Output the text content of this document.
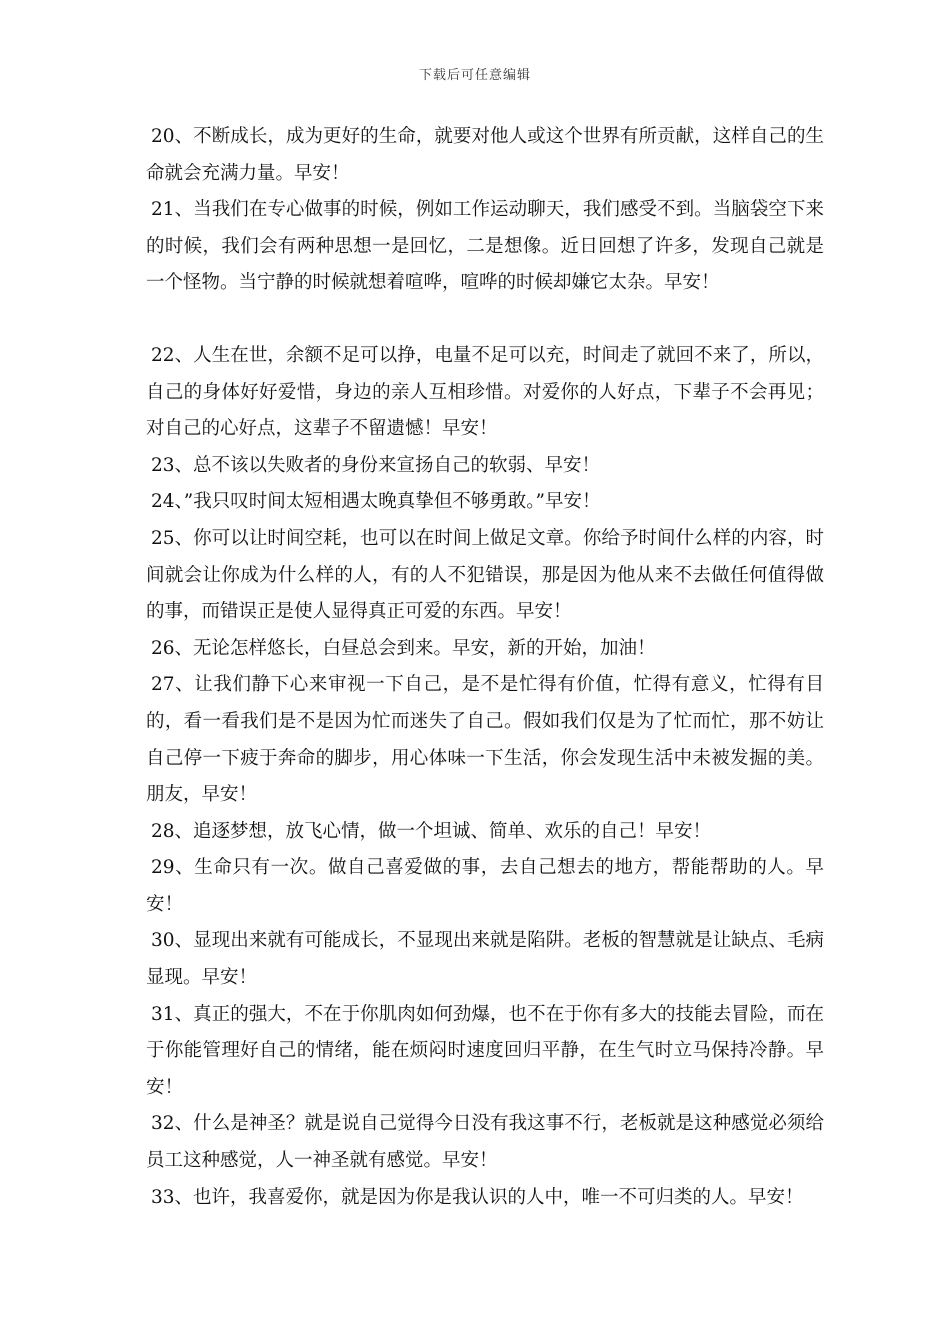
下载后可任意编辑

20、不断成长，成为更好的生命，就要对他人或这个世界有所贡献，这样自己的生命就会充满力量。早安！

21、当我们在专心做事的时候，例如工作运动聊天，我们感受不到。当脑袋空下来的时候，我们会有两种思想一是回忆，二是想像。近日回想了许多，发现自己就是一个怪物。当宁静的时候就想着喧哗，喧哗的时候却嫌它太杂。早安！

22、人生在世，余额不足可以挣，电量不足可以充，时间走了就回不来了，所以，自己的身体好好爱惜，身边的亲人互相珍惜。对爱你的人好点，下辈子不会再见；对自己的心好点，这辈子不留遗憾！早安！

23、总不该以失败者的身份来宣扬自己的软弱、早安！

24、”我只叹时间太短相遇太晚真挚但不够勇敢。”早安！

25、你可以让时间空耗，也可以在时间上做足文章。你给予时间什么样的内容，时间就会让你成为什么样的人，有的人不犯错误，那是因为他从来不去做任何值得做的事，而错误正是使人显得真正可爱的东西。早安！

26、无论怎样悠长，白昼总会到来。早安，新的开始，加油！

27、让我们静下心来审视一下自己，是不是忙得有价值，忙得有意义，忙得有目的，看一看我们是不是因为忙而迷失了自己。假如我们仅是为了忙而忙，那不妨让自己停一下疲于奔命的脚步，用心体味一下生活，你会发现生活中未被发掘的美。朋友，早安！

28、追逐梦想，放飞心情，做一个坦诚、简单、欢乐的自己！早安！

29、生命只有一次。做自己喜爱做的事，去自己想去的地方，帮能帮助的人。早安！

30、显现出来就有可能成长，不显现出来就是陷阱。老板的智慧就是让缺点、毛病显现。早安！

31、真正的强大，不在于你肌肉如何劲爆，也不在于你有多大的技能去冒险，而在于你能管理好自己的情绪，能在烦闷时速度回归平静，在生气时立马保持冷静。早安！

32、什么是神圣？就是说自己觉得今日没有我这事不行，老板就是这种感觉必须给员工这种感觉，人一神圣就有感觉。早安！

33、也许，我喜爱你，就是因为你是我认识的人中，唯一不可归类的人。早安！
